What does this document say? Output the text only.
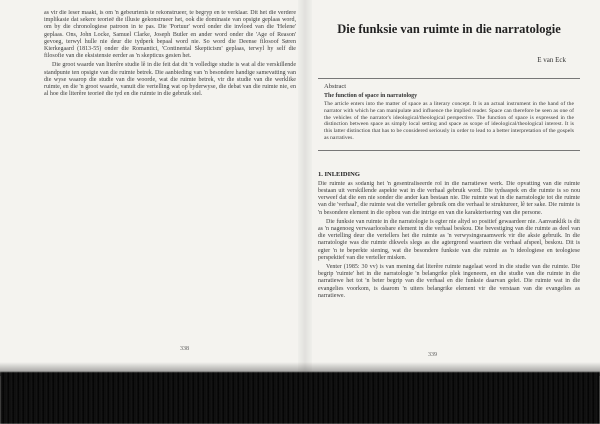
as vir die leser maakt, is om 'n gebeurtenis te rekonstrueer, te begryp en te verklaar. Dit het die verdere implikasie dat sekere teorieë die illusie gekonstrueer het, ook die dominasie van opsigte geplaas word, om by die chronologiese patroon in te pas. Die 'Portuur' word onder die invloed van die 'Helene' geplaas. Ons, John Locke, Samuel Clarke, Joseph Butler en ander word onder die 'Age of Reason' gevoeg, terwyl hulle nie deur die tydperk bepaal word nie. So word die Deense filosoof Søren Kierkegaard (1813-55) onder die Romantici, 'Continental Skepticism' geplaas, terwyl hy self die filosofie van die eksistensie eerder as 'n skepticus gesien het.

Die groot waarde van literêre studie lê in die feit dat dit 'n volledige studie is wat al die verskillende standpunte ten opsigte van die ruimte betrek. Die aanbieding van 'n besondere handige samevatting van die wyse waarop die studie van die woorde, wat die ruimte betrek, vir die studie van die werklike ruimte, en die 'n groot waarde, vanuit die vertelling wat op byderwyse, die debat van die ruimte nie, en al hoe die literêre teorieë die tyd en die ruimte in die gebruik stel.

338
Die funksie van ruimte in die narratologie
E van Eck
Abstract
The function of space in narratology

The article enters into the matter of space as a literary concept. It is an actual instrument in the hand of the narrator with which he can manipulate and influence the implied reader. Space can therefore be seen as one of the vehicles of the narrator's ideological/theological perspective. The function of space is expressed in the distinction between space as simply local setting and space as scope of ideological/theological interest. It is this latter distinction that has to be considered seriously in order to lead to a better interpretation of the gospels as narratives.

1. INLEIDING

Die ruimte as sodanig het 'n gesentraliseerde rol in die narratiewe werk. Die opvatting van die ruimte bestaan uit verskillende aspekte wat in die verhaal gebruik word. Die tydsaspek en die ruimte is so nou verweef dat die een nie sonder die ander kan bestaan nie. Die ruimte wat in die narratologie tot die ruimte van die 'verhaal', die ruimte wat die verteller gebruik om die verhaal te struktureer, lê ter sake. Die ruimte is 'n besondere element in die opbou van die intrige en van die karakterisering van die persone.

Die funksie van ruimte in die narratologie is egter nie altyd so positief gewaardeer nie. Aanvanklik is dit as 'n nagenoeg verwaarloosbare element in die verhaal beskou. Die bevestiging van die ruimte as deel van die vertelling deur die vertellers het die ruimte as 'n verwysingsraamwerk vir die aksie gebruik. In die narratologie was die ruimte dikwels slegs as die agtergrond waarteen die verhaal afspeel, beskou. Dit is egter 'n te beperkte siening, wat die besondere funksie van die ruimte as 'n ideologiese en teologiese perspektief van die verteller misken.

Venter (1985: 30 vv) is van mening dat literêre ruimte nagelaat word in die studie van die ruimte. Die begrip 'ruimte' het in die narratologie 'n belangrike plek ingeneem, en die studie van die ruimte in die narratiewe het tot 'n beter begrip van die verhaal en die funksie daarvan gelei. Die ruimte wat in die evangelies voorkom, is daarom 'n uiters belangrike element vir die verstaan van die evangelies as narratiewe.

339
